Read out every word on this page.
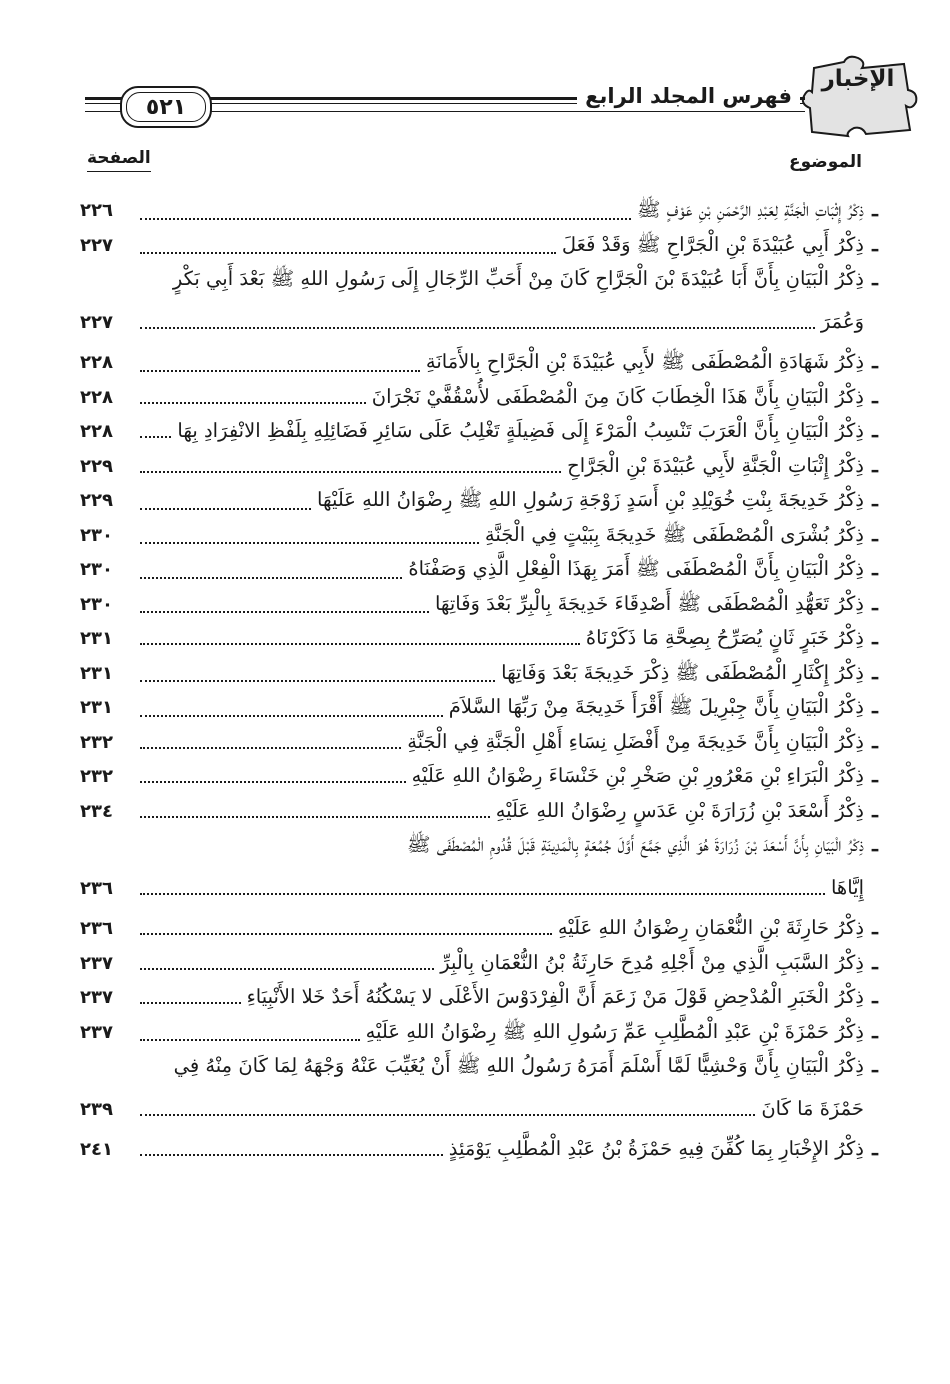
الإخبار
٥٢١	فهرس المجلد الرابع
الموضوع
الصفحة
ـ
ذِكْرُ إِثْبَاتِ الْجَنَّةِ لِعَبْدِ الرَّحْمَنِ بْنِ عَوْفٍ ﷺ
٢٢٦
ـ
ذِكْرُ أَبِي عُبَيْدَةَ بْنِ الْجَرَّاحِ ﷺ وَقَدْ فَعَلَ
٢٢٧
ـ
ذِكْرُ الْبَيَانِ بِأَنَّ أَبَا عُبَيْدَةَ بْنَ الْجَرَّاحِ كَانَ مِنْ أَحَبِّ الرِّجَالِ إِلَى رَسُولِ اللهِ ﷺ بَعْدَ أَبِي بَكْرٍ
وَعُمَرَ
٢٢٧
ـ
ذِكْرُ شَهَادَةِ الْمُصْطَفَى ﷺ لأَبِي عُبَيْدَةَ بْنِ الْجَرَّاحِ بِالأَمَانَةِ
٢٢٨
ـ
ذِكْرُ الْبَيَانِ بِأَنَّ هَذَا الْخِطَابَ كَانَ مِنَ الْمُصْطَفَى لأُسْقُفَّيْ نَجْرَانَ
٢٢٨
ـ
ذِكْرُ الْبَيَانِ بِأَنَّ الْعَرَبَ تَنْسِبُ الْمَرْءَ إِلَى فَضِيلَةٍ تَغْلِبُ عَلَى سَائِرِ فَضَائِلِهِ بِلَفْظِ الانْفِرَادِ بِهَا
٢٢٨
ـ
ذِكْرُ إِثْبَاتِ الْجَنَّةِ لأَبِي عُبَيْدَةَ بْنِ الْجَرَّاحِ
٢٢٩
ـ
ذِكْرُ خَدِيجَةَ بِنْتِ خُوَيْلِدِ بْنِ أَسَدٍ زَوْجَةِ رَسُولِ اللهِ ﷺ رِضْوَانُ اللهِ عَلَيْهَا
٢٢٩
ـ
ذِكْرُ بُشْرَى الْمُصْطَفَى ﷺ خَدِيجَةَ بِبَيْتٍ فِي الْجَنَّةِ
٢٣٠
ـ
ذِكْرُ الْبَيَانِ بِأَنَّ الْمُصْطَفَى ﷺ أَمَرَ بِهَذَا الْفِعْلِ الَّذِي وَصَفْنَاهُ
٢٣٠
ـ
ذِكْرُ تَعَهُّدِ الْمُصْطَفَى ﷺ أَصْدِقَاءَ خَدِيجَةَ بِالْبِرِّ بَعْدَ وَفَاتِهَا
٢٣٠
ـ
ذِكْرُ خَبَرٍ ثَانٍ يُصَرِّحُ بِصِحَّةِ مَا ذَكَرْنَاهُ
٢٣١
ـ
ذِكْرُ إِكْثَارِ الْمُصْطَفَى ﷺ ذِكْرَ خَدِيجَةَ بَعْدَ وَفَاتِهَا
٢٣١
ـ
ذِكْرُ الْبَيَانِ بِأَنَّ جِبْرِيلَ ﷺ أَقْرَأَ خَدِيجَةَ مِنْ رَبِّهَا السَّلاَمَ
٢٣١
ـ
ذِكْرُ الْبَيَانِ بِأَنَّ خَدِيجَةَ مِنْ أَفْضَلِ نِسَاءِ أَهْلِ الْجَنَّةِ فِي الْجَنَّةِ
٢٣٢
ـ
ذِكْرُ الْبَرَاءِ بْنِ مَعْرُورِ بْنِ صَخْرِ بْنِ خَنْسَاءَ رِضْوَانُ اللهِ عَلَيْهِ
٢٣٢
ـ
ذِكْرُ أَسْعَدَ بْنِ زُرَارَةَ بْنِ عَدَسٍ رِضْوَانُ اللهِ عَلَيْهِ
٢٣٤
ـ
ذِكْرُ الْبَيَانِ بِأَنَّ أَسْعَدَ بْنَ زُرَارَةَ هُوَ الَّذِي جَمَّعَ أَوَّلَ جُمُعَةٍ بِالْمَدِينَةِ قَبْلَ قُدُومِ الْمُصْطَفَى ﷺ
إِيَّاهَا
٢٣٦
ـ
ذِكْرُ حَارِثَةَ بْنِ النُّعْمَانِ رِضْوَانُ اللهِ عَلَيْهِ
٢٣٦
ـ
ذِكْرُ السَّبَبِ الَّذِي مِنْ أَجْلِهِ مُدِحَ حَارِثَةُ بْنُ النُّعْمَانِ بِالْبِرِّ
٢٣٧
ـ
ذِكْرُ الْخَبَرِ الْمُدْحِضِ قَوْلَ مَنْ زَعَمَ أَنَّ الْفِرْدَوْسَ الأَعْلَى لا يَسْكُنُهُ أَحَدٌ خَلا الأَنْبِيَاءِ
٢٣٧
ـ
ذِكْرُ حَمْزَةَ بْنِ عَبْدِ الْمُطَّلِبِ عَمِّ رَسُولِ اللهِ ﷺ رِضْوَانُ اللهِ عَلَيْهِ
٢٣٧
ـ
ذِكْرُ الْبَيَانِ بِأَنَّ وَحْشِيًّا لَمَّا أَسْلَمَ أَمَرَهُ رَسُولُ اللهِ ﷺ أَنْ يُغَيِّبَ عَنْهُ وَجْهَهُ لِمَا كَانَ مِنْهُ فِي
حَمْزَةَ مَا كَانَ
٢٣٩
ـ
ذِكْرُ الإِخْبَارِ بِمَا كُفِّنَ فِيهِ حَمْزَةُ بْنُ عَبْدِ الْمُطَّلِبِ يَوْمَئِذٍ
٢٤١
